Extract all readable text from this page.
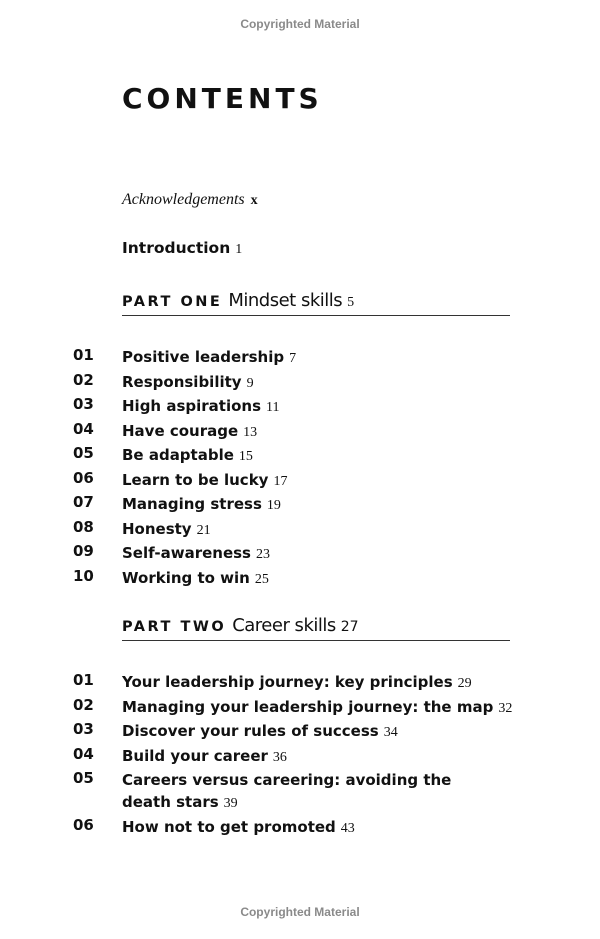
Copyrighted Material
CONTENTS
Acknowledgements x
Introduction 1
PART ONE Mindset skills 5
01 Positive leadership 7
02 Responsibility 9
03 High aspirations 11
04 Have courage 13
05 Be adaptable 15
06 Learn to be lucky 17
07 Managing stress 19
08 Honesty 21
09 Self-awareness 23
10 Working to win 25
PART TWO Career skills 27
01 Your leadership journey: key principles 29
02 Managing your leadership journey: the map 32
03 Discover your rules of success 34
04 Build your career 36
05 Careers versus careering: avoiding the death stars 39
06 How not to get promoted 43
Copyrighted Material
